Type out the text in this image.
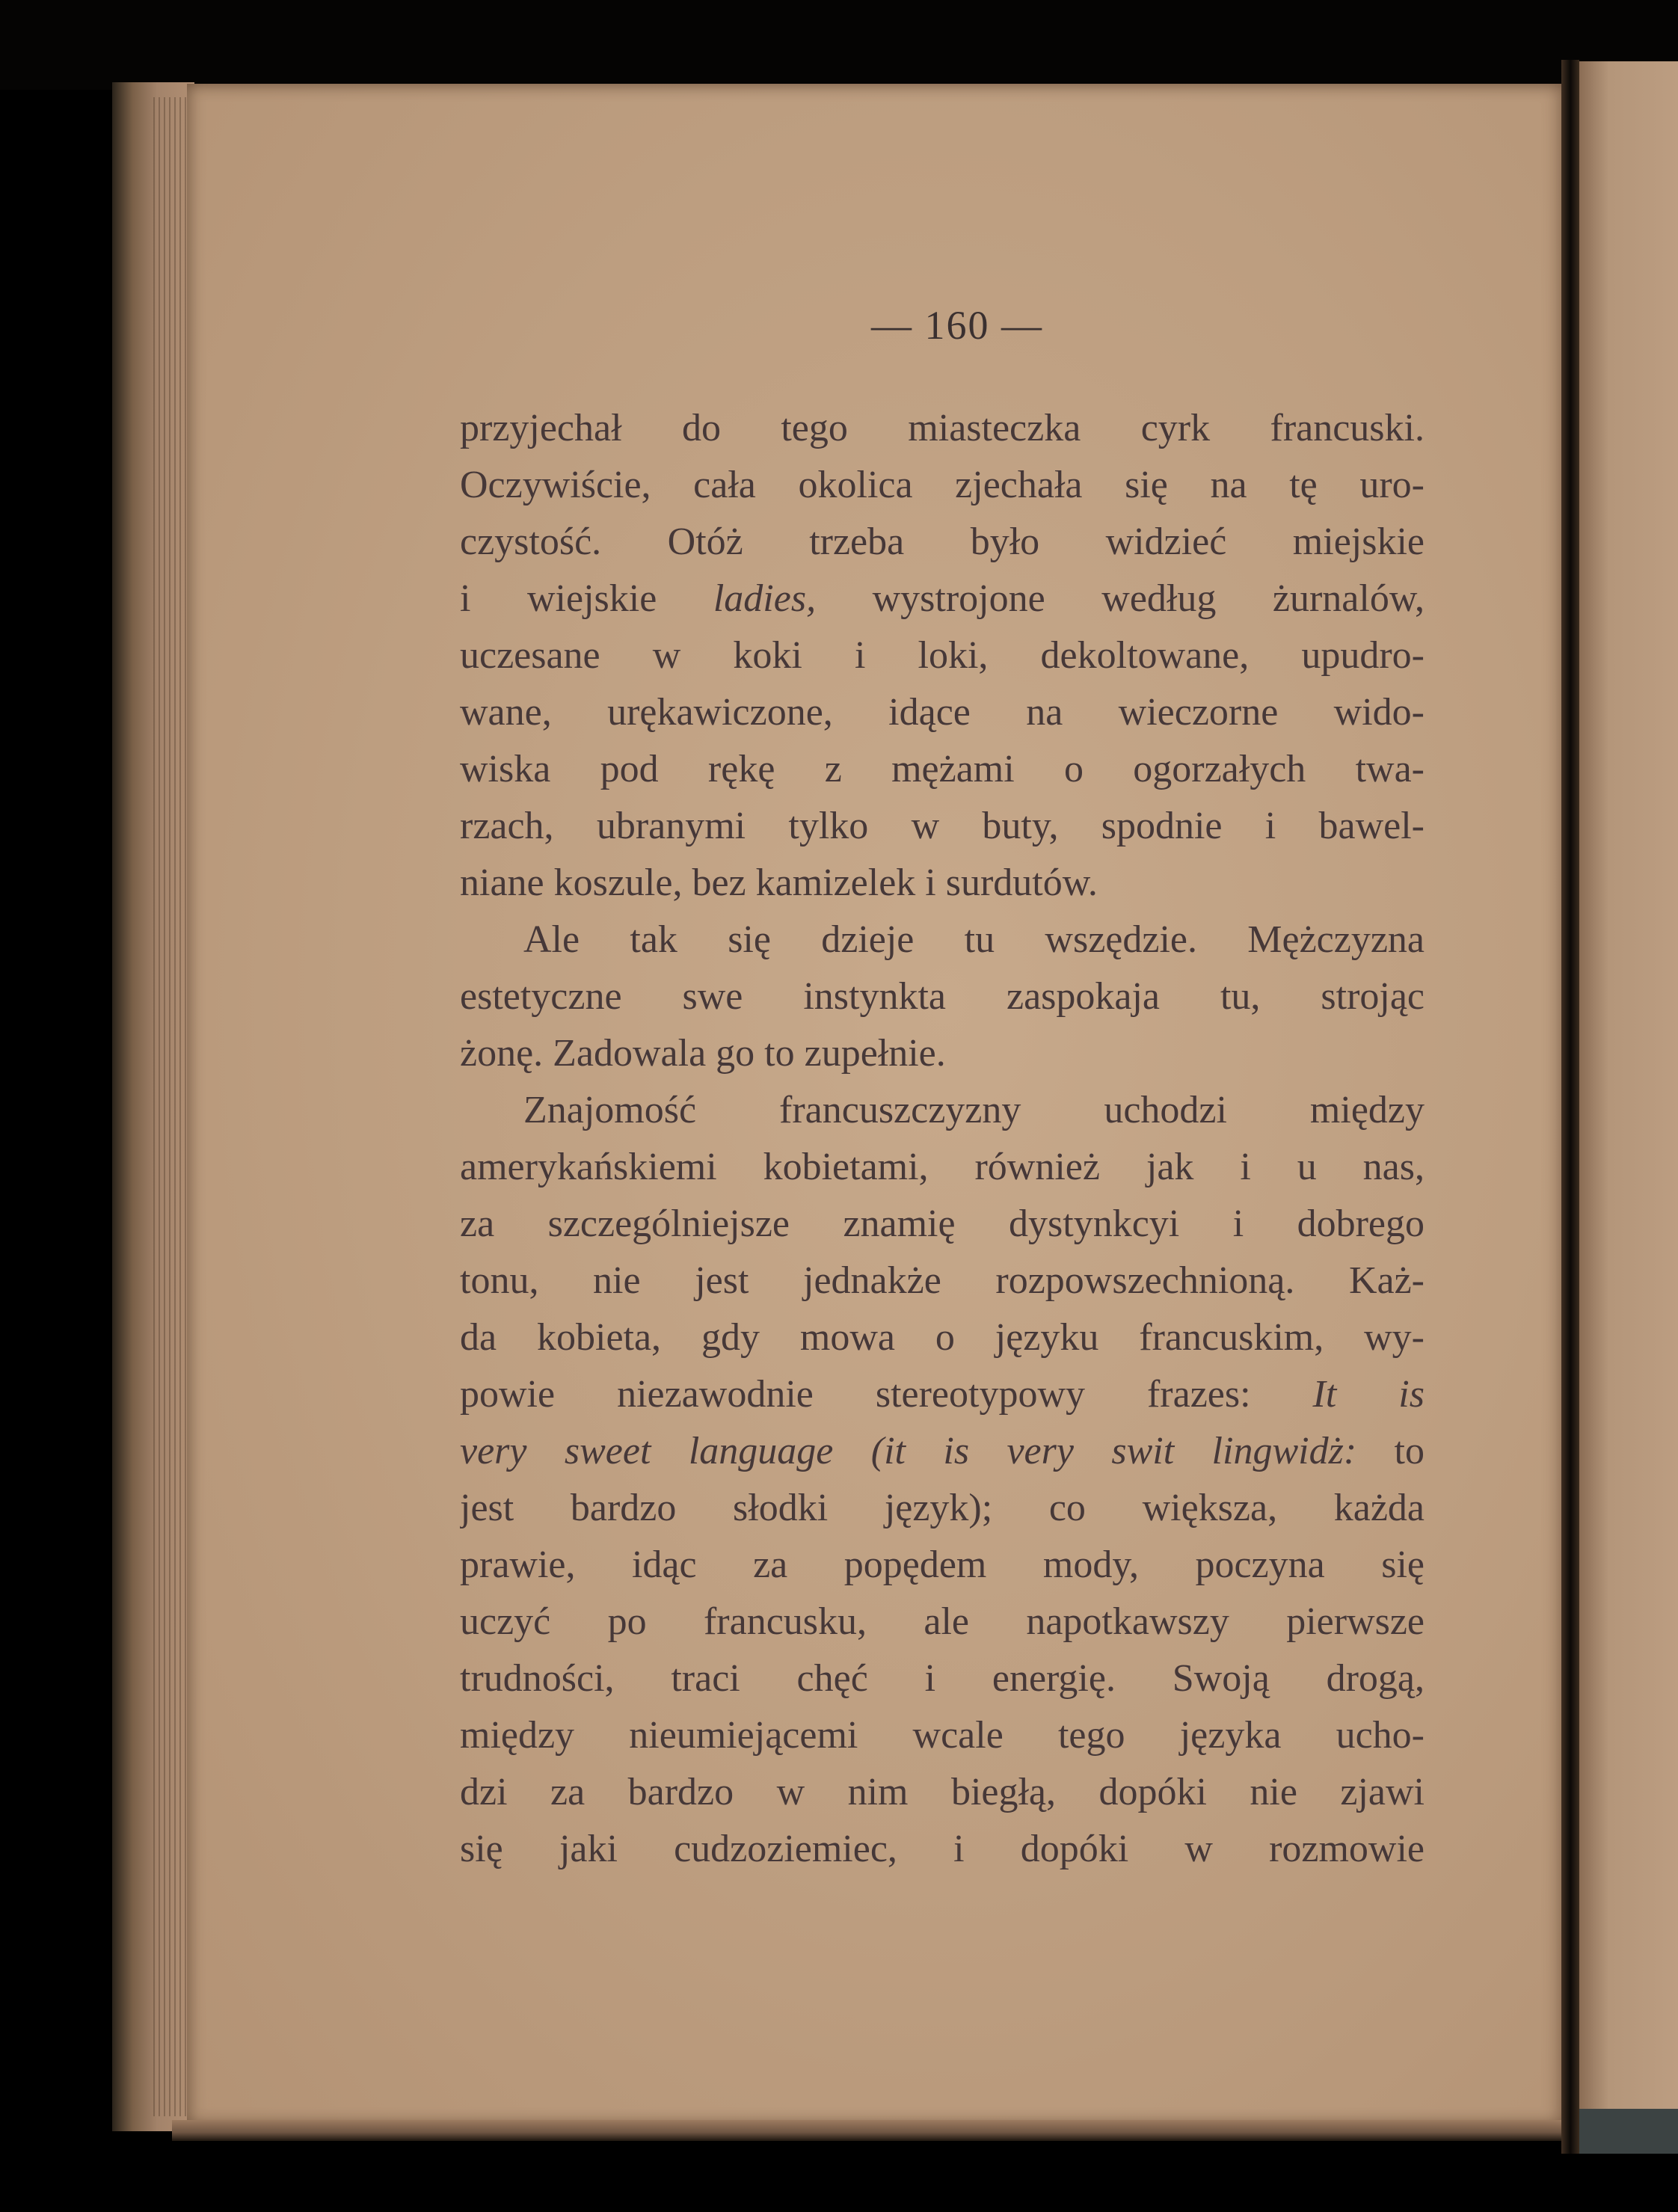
— 160 —
przyjechał do tego miasteczka cyrk francuski.
Oczywiście, cała okolica zjechała się na tę uro-
czystość. Otóż trzeba było widzieć miejskie
i wiejskie ladies, wystrojone według żurnalów,
uczesane w koki i loki, dekoltowane, upudro-
wane, urękawiczone, idące na wieczorne wido-
wiska pod rękę z mężami o ogorzałych twa-
rzach, ubranymi tylko w buty, spodnie i bawel-
niane koszule, bez kamizelek i surdutów.
Ale tak się dzieje tu wszędzie. Mężczyzna
estetyczne swe instynkta zaspokaja tu, strojąc
żonę. Zadowala go to zupełnie.
Znajomość francuszczyzny uchodzi między
amerykańskiemi kobietami, również jak i u nas,
za szczególniejsze znamię dystynkcyi i dobrego
tonu, nie jest jednakże rozpowszechnioną. Każ-
da kobieta, gdy mowa o języku francuskim, wy-
powie niezawodnie stereotypowy frazes: It is
very sweet language (it is very swit lingwidż: to
jest bardzo słodki język); co większa, każda
prawie, idąc za popędem mody, poczyna się
uczyć po francusku, ale napotkawszy pierwsze
trudności, traci chęć i energię. Swoją drogą,
między nieumiejącemi wcale tego języka ucho-
dzi za bardzo w nim biegłą, dopóki nie zjawi
się jaki cudzoziemiec, i dopóki w rozmowie
